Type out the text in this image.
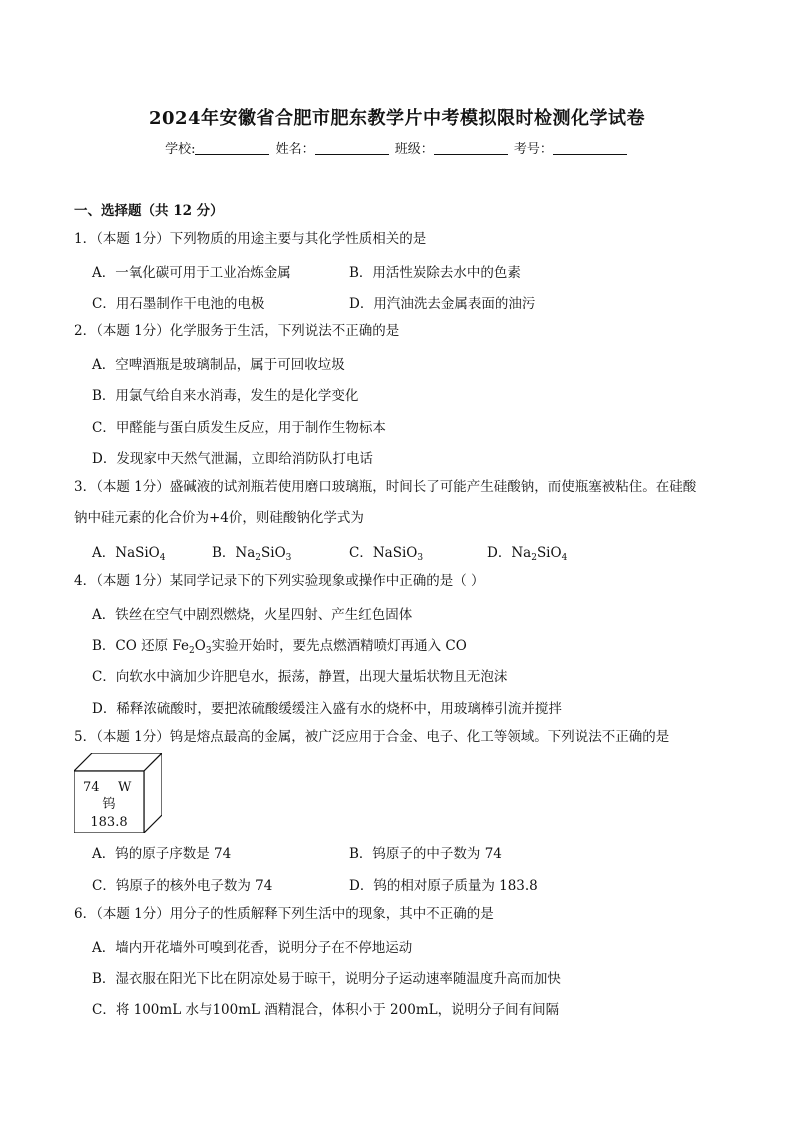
2024年安徽省合肥市肥东教学片中考模拟限时检测化学试卷
学校:	姓名：	班级：	考号：
一、选择题（共 12 分）
1．（本题 1分）下列物质的用途主要与其化学性质相关的是
A．一氧化碳可用于工业冶炼金属	B．用活性炭除去水中的色素
C．用石墨制作干电池的电极	D．用汽油洗去金属表面的油污
2．（本题 1分）化学服务于生活，下列说法不正确的是
A．空啤酒瓶是玻璃制品，属于可回收垃圾
B．用氯气给自来水消毒，发生的是化学变化
C．甲醛能与蛋白质发生反应，用于制作生物标本
D．发现家中天然气泄漏，立即给消防队打电话
3．（本题 1分）盛碱液的试剂瓶若使用磨口玻璃瓶，时间长了可能产生硅酸钠，而使瓶塞被粘住。在硅酸
钠中硅元素的化合价为+4价，则硅酸钠化学式为
A．NaSiO$_4$	B．$Na_2SiO_3$	C．NaSiO$_3$	D．$Na_2SiO_4$
4．（本题 1分）某同学记录下的下列实验现象或操作中正确的是（ ）
A．铁丝在空气中剧烈燃烧，火星四射、产生红色固体
B．CO 还原 $Fe_2O_3$实验开始时，要先点燃酒精喷灯再通入 CO
C．向软水中滴加少许肥皂水，振荡，静置，出现大量垢状物且无泡沫
D．稀释浓硫酸时，要把浓硫酸缓缓注入盛有水的烧杯中，用玻璃棒引流并搅拌
5．（本题 1分）钨是熔点最高的金属，被广泛应用于合金、电子、化工等领域。下列说法不正确的是
74 W
钨
183.8
A．钨的原子序数是 74	B．钨原子的中子数为 74
C．钨原子的核外电子数为 74	D．钨的相对原子质量为 183.8
6．（本题 1分）用分子的性质解释下列生活中的现象，其中不正确的是
A．墙内开花墙外可嗅到花香，说明分子在不停地运动
B．湿衣服在阳光下比在阴凉处易于晾干，说明分子运动速率随温度升高而加快
C．将 100mL 水与100mL 酒精混合，体积小于 200mL，说明分子间有间隔
